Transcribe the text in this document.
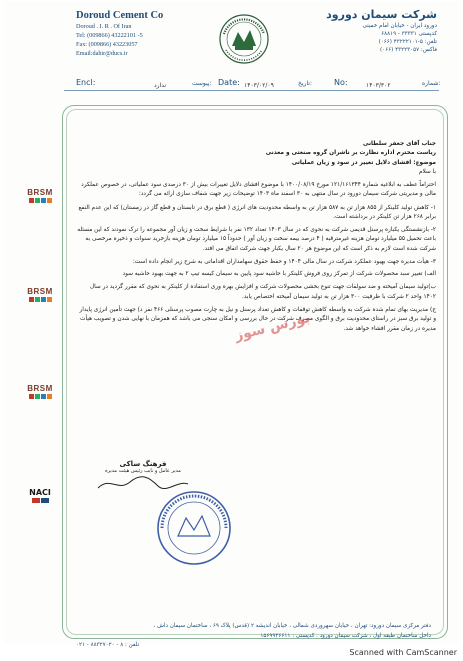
Doroud Cement Co
Doroud . I. R . Of Iran
Tel: (009866) 43222101 -5
Fax: (009866) 43223057
Email:dahir@ducs.ir
شرکت سیمان دورود
دورود ایران - خیابان امام خمینی
کدپستی ۳۳۳۳۱ - ۶۸۸۱۹
تلفن: ۵-۴۳۲۲۲۱۰۱ (۰۶۶)
فاکس: ۴۳۲۲۳۰۵۷ (۰۶۶)
Encl:	ندارد	پیوست: Date: ۱۴۰۳/۰۲/۰۹	تاریخ:	No:	۱۴۰۳/۳۰۲	شماره:
BRSM
BRSM
BRSM
NACI
جناب آقای جعفر سلطانی
ریاست محترم اداره نظارت بر ناشران گروه صنعتی و معدنی
موضوع: افشای دلایل تغییر در سود و زیان عملیاتی
با سلام
احتراماً عطف به ابلاغیه شماره ۱۲۱/۱۶۱۳۴۴ مورخ ۱۴۰۰/۰۸/۱۹ با موضوع افشای دلایل تغییرات بیش از ۳۰ درصدی سود عملیاتی، در خصوص عملکرد مالی و مدیریتی شرکت سیمان دورود در سال منتهی به ۳۰ اسفند ماه ۱۴۰۳ توضیحات زیر جهت شفاف سازی ارائه می گردد:
۱- کاهش تولید کلینکر از ۸۵۵ هزار تن به ۵۸۷ هزار تن به واسطه محدودیت های انرژی ( قطع برق در تابستان و قطع گاز در زمستان) که این عدم النفع برابر ۲۶۸ هزار تن کلینکر در برداشته است.
۲- بازنشستگی یکباره پرسنل قدیمی شرکت به نحوی که در سال ۱۴۰۳ تعداد ۱۳۲ نفر با شرایط سخت و زیان آور مجموعه را ترک نمودند که این مسئله باعث تحمیل ۵۵ میلیارد تومان هزینه غیرمترقبه ( ۴ درصد بیمه سخت و زیان آور ) حدوداً ۱۵ میلیارد تومان هزینه بازخرید سنوات و ذخیره مرخصی به شرکت شده است لازم به ذکر است که این موضوع هر ۲۰ سال یکبار جهت شرکت اتفاق می افتد.
۳- هیأت مدیره جهت بهبود عملکرد شرکت در سال مالی ۱۴۰۴ و حفظ حقوق سهامداران اقداماتی به شرح زیر انجام داده است:
الف) تغییر سبد محصولات شرکت از تمرکز روی فروش کلینکر با حاشیه سود پایین به سیمان کیسه تیپ ۲ به جهت بهبود حاشیه سود
ب)تولید سیمان آمیخته و ضد سولفات جهت تنوع بخشی محصولات شرکت و افزایش بهره وری استفاده از کلینکر به نحوی که مقرر گردید در سال ۱۴۰۲ واحد ۲ شرکت با ظرفیت ۳۰۰ هزار تن به تولید سیمان آمیخته اختصاص یابد.
ج) مدیریت بهای تمام شده شرکت به واسطه کاهش توقفات و کاهش تعداد پرسنل و نیل به چارت مصوب پرسنلی ۴۶۶ نفر د) جهت تأمین انرژی پایدار و تولید برق سبز در راستای محدودیت برق و الگوی مصرف شرکت در حال بررسی و امکان سنجی می باشد که همزمان با نهایی شدن و تصویب هیأت مدیره در زمان مقرر افشاء خواهد شد.
بورس سوز
فرهنگ ساکی
مدیر عامل و نایب رئیس هیئت مدیره
دفتر مرکزی سیمان دورود: تهران ، خیابان سهروردی شمالی ، خیابان اندیشه ۲ (قدس) پلاک ۶۹ ، ساختمان سیمان داش ،
داخل ساختمان طبقه اول ، شرکت سیمان دورود . کدپستی : ۱۵۶۹۹۳۶۶۱۱
تلفن : ۸ - ۸۸۳۲۷۰۲۰ - ۰۲۱
Scanned with CamScanner
